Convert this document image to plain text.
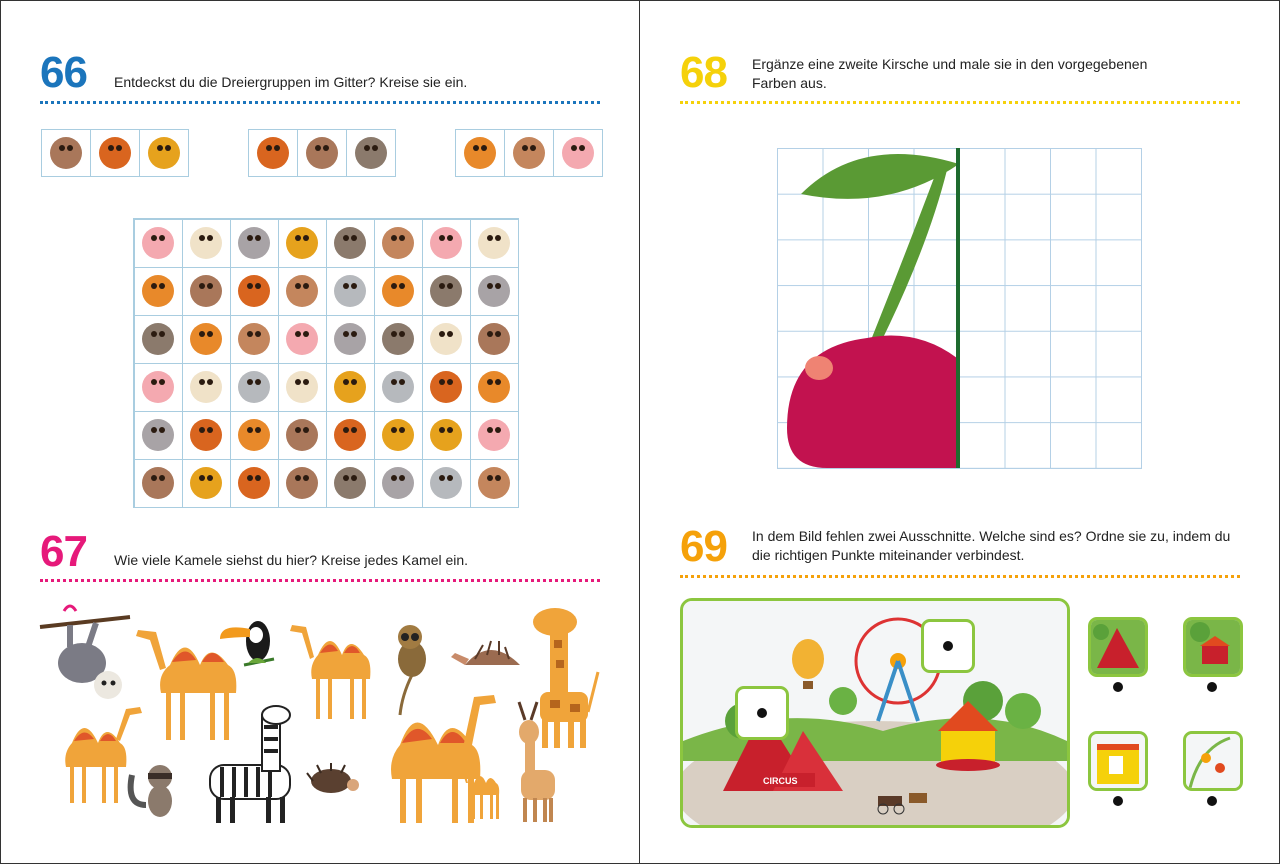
66 Entdeckst du die Dreiergruppen im Gitter? Kreise sie ein.
67 Wie viele Kamele siehst du hier? Kreise jedes Kamel ein.
68 Ergänze eine zweite Kirsche und male sie in den vorgegebenen Farben aus.
69 In dem Bild fehlen zwei Ausschnitte. Welche sind es? Ordne sie zu, indem du die richtigen Punkte miteinander verbindest.
CIRCUS
